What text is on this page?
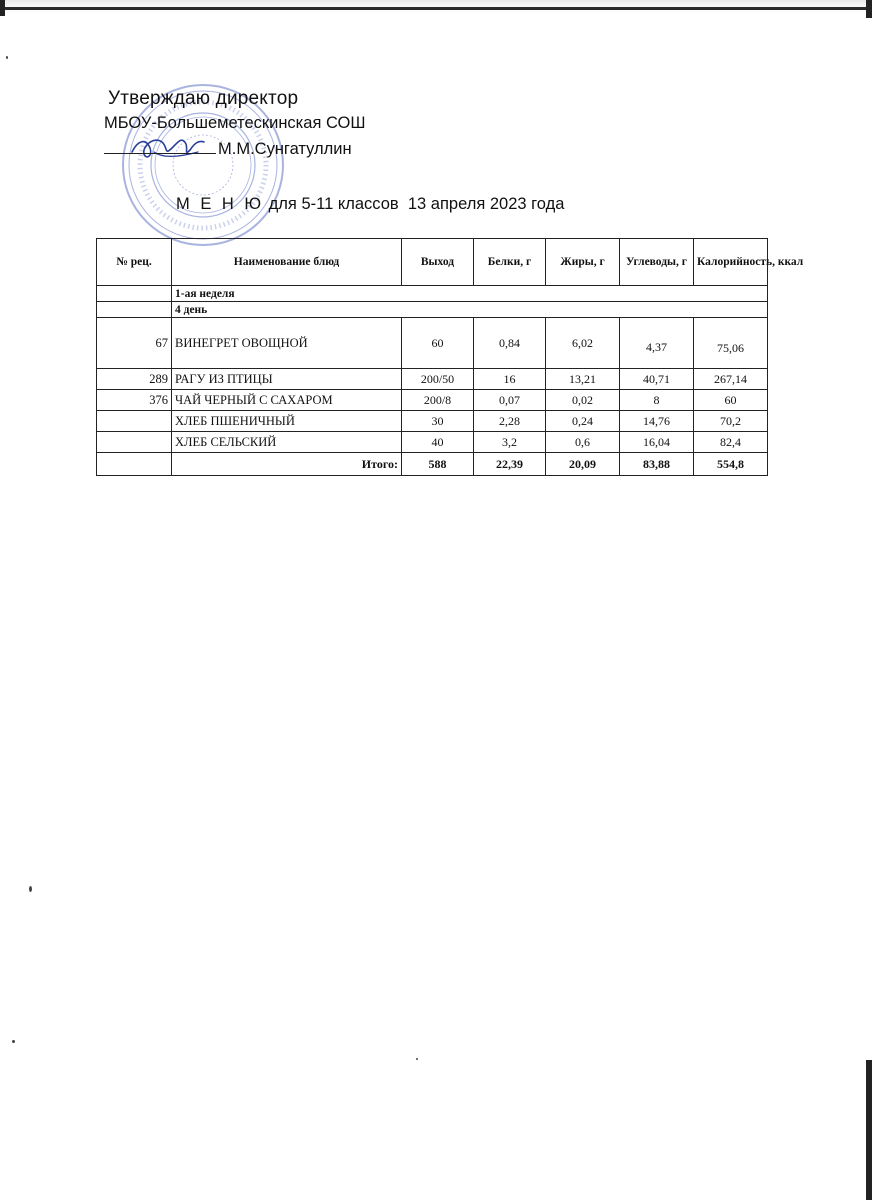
Утверждаю директор
МБОУ-Большеметескинская СОШ
М.М.Сунгатуллин
М Е Н Ю для 5-11 классов  13 апреля 2023 года
№ рец.	Наименование блюд	Выход	Белки, г	Жиры, г	Углеводы, г	Калорийность, ккал
	1-ая неделя					
	4 день					
67	ВИНЕГРЕТ ОВОЩНОЙ	60	0,84	6,02	4,37	75,06
289	РАГУ ИЗ ПТИЦЫ	200/50	16	13,21	40,71	267,14
376	ЧАЙ ЧЕРНЫЙ С САХАРОМ	200/8	0,07	0,02	8	60
	ХЛЕБ ПШЕНИЧНЫЙ	30	2,28	0,24	14,76	70,2
	ХЛЕБ СЕЛЬСКИЙ	40	3,2	0,6	16,04	82,4
	Итого:	588	22,39	20,09	83,88	554,8
